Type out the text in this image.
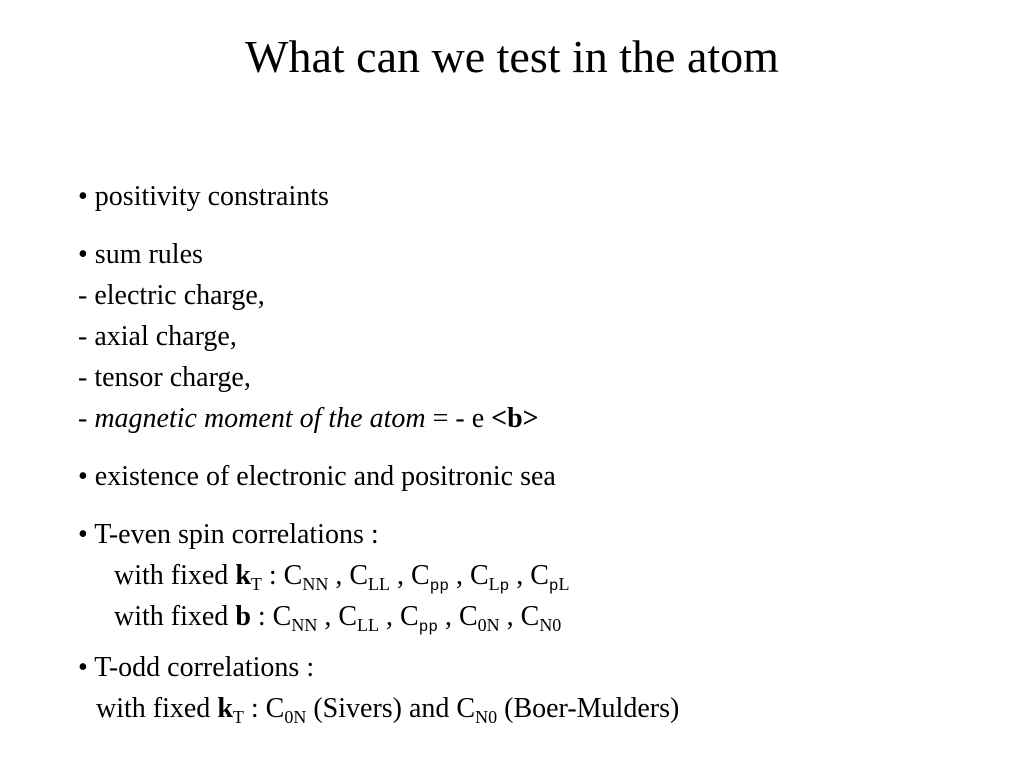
What can we test in the atom
• positivity constraints
• sum rules
- electric charge,
- axial charge,
- tensor charge,
- magnetic moment of the atom = - e <b>
• existence of electronic and positronic sea
• T-even spin correlations :
with fixed $k_T$ : $C_{NN}$ , $C_{LL}$ , $C_{pp}$ , $C_{Lp}$ , $C_{pL}$
with fixed b : $C_{NN}$ , $C_{LL}$ , $C_{pp}$ , $C_{0N}$ , $C_{N0}$
• T-odd correlations :
with fixed $k_T$ : $C_{0N}$ (Sivers) and $C_{N0}$ (Boer-Mulders)
